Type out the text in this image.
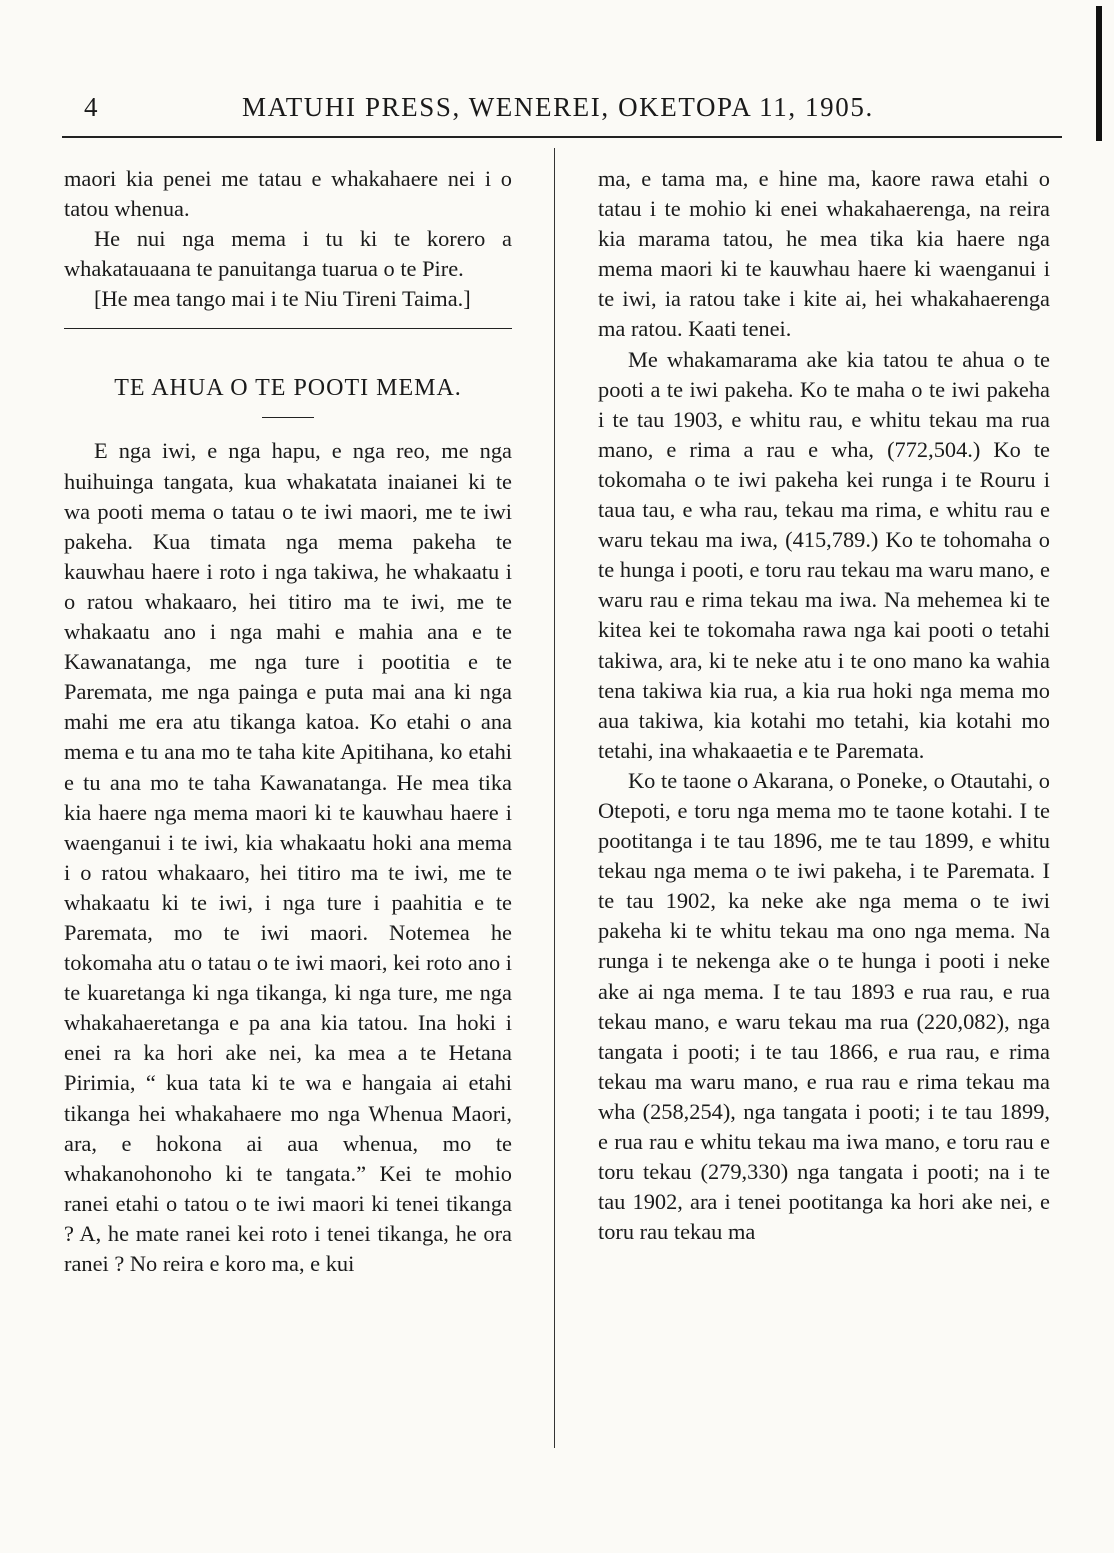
4	MATUHI PRESS, WENEREI, OKETOPA 11, 1905.

maori kia penei me tatau e whakahaere nei i o tatou whenua.

He nui nga mema i tu ki te korero a whakatauaana te panuitanga tuarua o te Pire.

[He mea tango mai i te Niu Tireni Taima.]

TE AHUA O TE POOTI MEMA.

E nga iwi, e nga hapu, e nga reo, me nga huihuinga tangata, kua whakatata inaianei ki te wa pooti mema o tatau o te iwi maori, me te iwi pakeha. Kua timata nga mema pakeha te kauwhau haere i roto i nga takiwa, he whakaatu i o ratou whakaaro, hei titiro ma te iwi, me te whakaatu ano i nga mahi e mahia ana e te Kawanatanga, me nga ture i pootitia e te Paremata, me nga painga e puta mai ana ki nga mahi me era atu tikanga katoa. Ko etahi o ana mema e tu ana mo te taha kite Apitihana, ko etahi e tu ana mo te taha Kawanatanga. He mea tika kia haere nga mema maori ki te kauwhau haere i waenganui i te iwi, kia whakaatu hoki ana mema i o ratou whakaaro, hei titiro ma te iwi, me te whakaatu ki te iwi, i nga ture i paahitia e te Paremata, mo te iwi maori. Notemea he tokomaha atu o tatau o te iwi maori, kei roto ano i te kuaretanga ki nga tikanga, ki nga ture, me nga whakahaeretanga e pa ana kia tatou. Ina hoki i enei ra ka hori ake nei, ka mea a te Hetana Pirimia, “ kua tata ki te wa e hangaia ai etahi tikanga hei whakahaere mo nga Whenua Maori, ara, e hokona ai aua whenua, mo te whakanohonoho ki te tangata.” Kei te mohio ranei etahi o tatou o te iwi maori ki tenei tikanga ? A, he mate ranei kei roto i tenei tikanga, he ora ranei ? No reira e koro ma, e kui

ma, e tama ma, e hine ma, kaore rawa etahi o tatau i te mohio ki enei whakahaerenga, na reira kia marama tatou, he mea tika kia haere nga mema maori ki te kauwhau haere ki waenganui i te iwi, ia ratou take i kite ai, hei whakahaerenga ma ratou. Kaati tenei.

Me whakamarama ake kia tatou te ahua o te pooti a te iwi pakeha. Ko te maha o te iwi pakeha i te tau 1903, e whitu rau, e whitu tekau ma rua mano, e rima a rau e wha, (772,504.) Ko te tokomaha o te iwi pakeha kei runga i te Rouru i taua tau, e wha rau, tekau ma rima, e whitu rau e waru tekau ma iwa, (415,789.) Ko te tohomaha o te hunga i pooti, e toru rau tekau ma waru mano, e waru rau e rima tekau ma iwa. Na mehemea ki te kitea kei te tokomaha rawa nga kai pooti o tetahi takiwa, ara, ki te neke atu i te ono mano ka wahia tena takiwa kia rua, a kia rua hoki nga mema mo aua takiwa, kia kotahi mo tetahi, kia kotahi mo tetahi, ina whakaaetia e te Paremata.

Ko te taone o Akarana, o Poneke, o Otautahi, o Otepoti, e toru nga mema mo te taone kotahi. I te pootitanga i te tau 1896, me te tau 1899, e whitu tekau nga mema o te iwi pakeha, i te Paremata. I te tau 1902, ka neke ake nga mema o te iwi pakeha ki te whitu tekau ma ono nga mema. Na runga i te nekenga ake o te hunga i pooti i neke ake ai nga mema. I te tau 1893 e rua rau, e rua tekau mano, e waru tekau ma rua (220,082), nga tangata i pooti; i te tau 1866, e rua rau, e rima tekau ma waru mano, e rua rau e rima tekau ma wha (258,254), nga tangata i pooti; i te tau 1899, e rua rau e whitu tekau ma iwa mano, e toru rau e toru tekau (279,330) nga tangata i pooti; na i te tau 1902, ara i tenei pootitanga ka hori ake nei, e toru rau tekau ma
